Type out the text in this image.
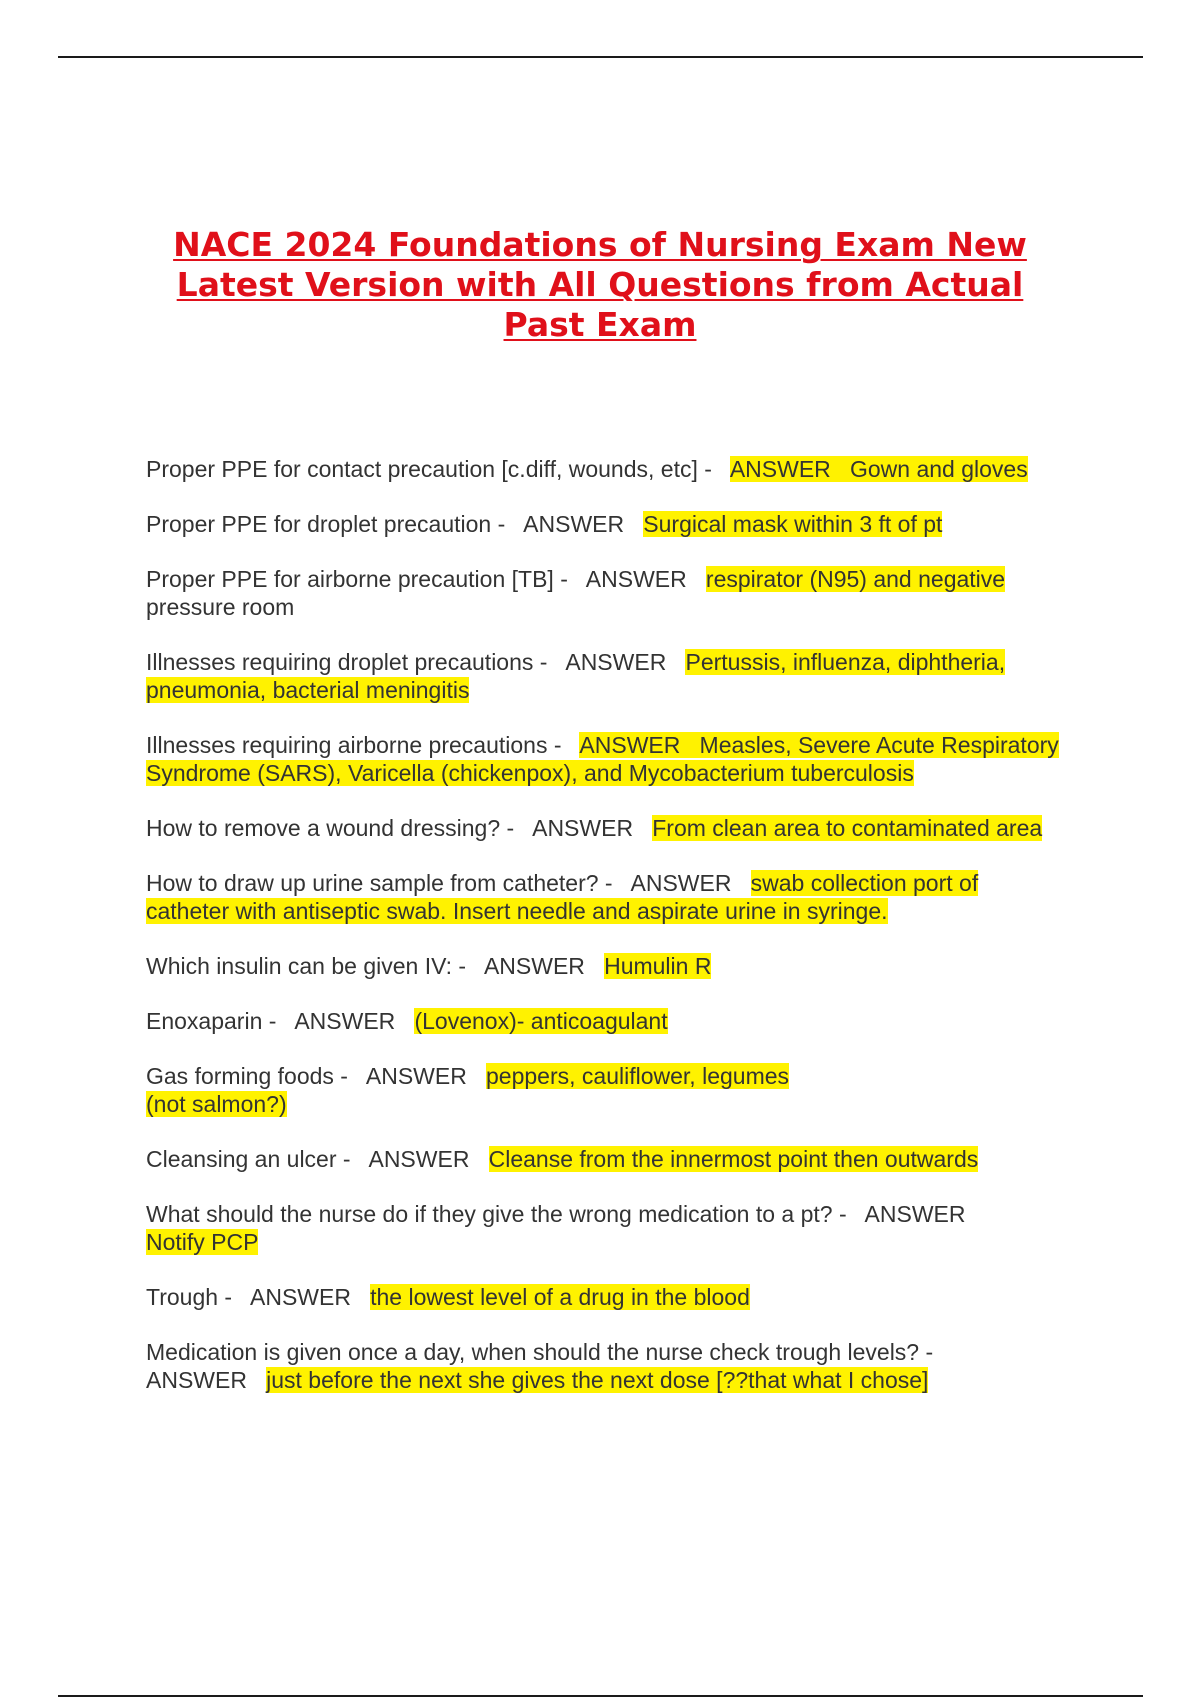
NACE 2024 Foundations of Nursing Exam New Latest Version with All Questions from Actual Past Exam
Proper PPE for contact precaution [c.diff, wounds, etc] -   ANSWER Gown and gloves
Proper PPE for droplet precaution -   ANSWER Surgical mask within 3 ft of pt
Proper PPE for airborne precaution [TB] -   ANSWER respirator (N95) and negative
pressure room
Illnesses requiring droplet precautions -   ANSWER Pertussis, influenza, diphtheria, pneumonia, bacterial meningitis
Illnesses requiring airborne precautions -   ANSWER Measles, Severe Acute Respiratory Syndrome (SARS), Varicella (chickenpox), and Mycobacterium tuberculosis
How to remove a wound dressing? -   ANSWER From clean area to contaminated area
How to draw up urine sample from catheter? -   ANSWER swab collection port of catheter with antiseptic swab. Insert needle and aspirate urine in syringe.
Which insulin can be given IV: -   ANSWER Humulin R
Enoxaparin -   ANSWER (Lovenox)- anticoagulant
Gas forming foods -   ANSWER peppers, cauliflower, legumes
(not salmon?)
Cleansing an ulcer -   ANSWER Cleanse from the innermost point then outwards
What should the nurse do if they give the wrong medication to a pt? -   ANSWER
Notify PCP
Trough -   ANSWER the lowest level of a drug in the blood
Medication is given once a day, when should the nurse check trough levels? -
ANSWER just before the next she gives the next dose [??that what I chose]
